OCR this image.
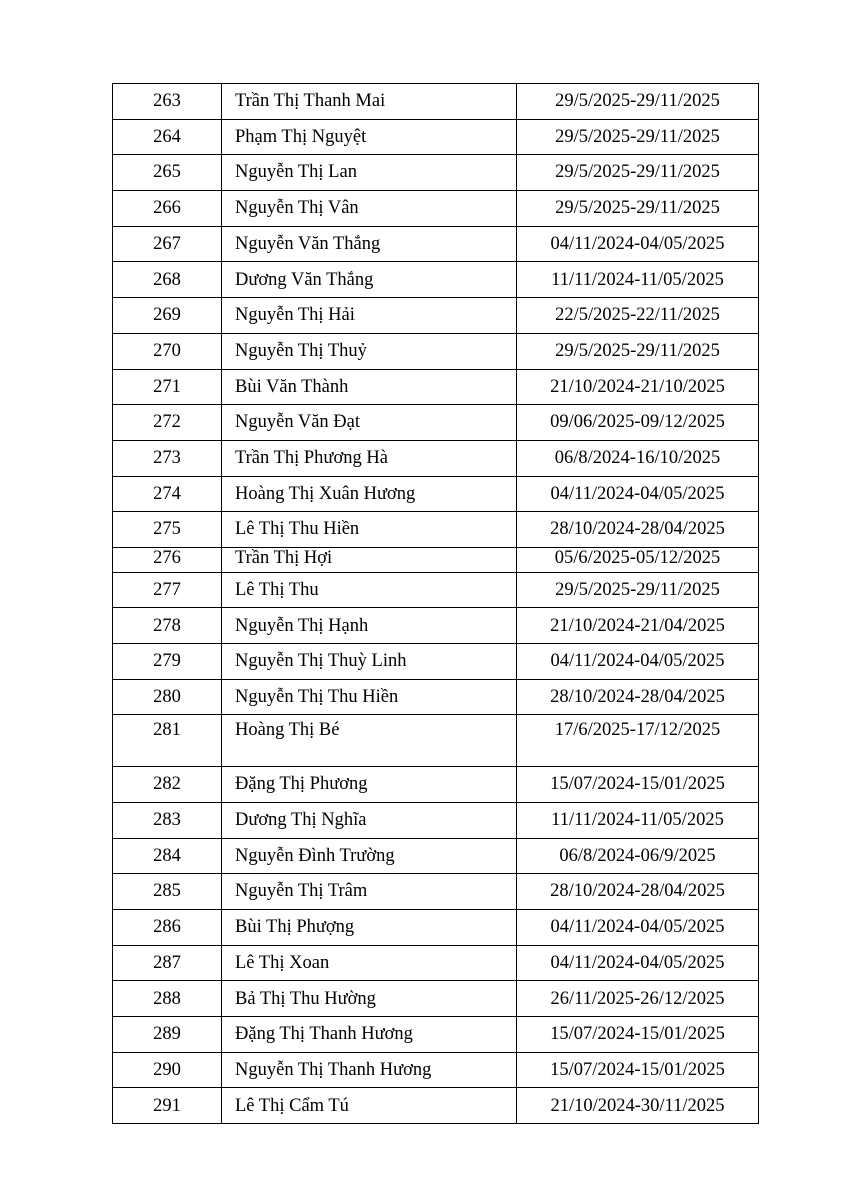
263	Trần Thị Thanh Mai	29/5/2025-29/11/2025
264	Phạm Thị Nguyệt	29/5/2025-29/11/2025
265	Nguyễn Thị Lan	29/5/2025-29/11/2025
266	Nguyễn Thị Vân	29/5/2025-29/11/2025
267	Nguyễn Văn Thắng	04/11/2024-04/05/2025
268	Dương Văn Thắng	11/11/2024-11/05/2025
269	Nguyễn Thị Hải	22/5/2025-22/11/2025
270	Nguyễn Thị Thuỷ	29/5/2025-29/11/2025
271	Bùi Văn Thành	21/10/2024-21/10/2025
272	Nguyễn Văn Đạt	09/06/2025-09/12/2025
273	Trần Thị Phương Hà	06/8/2024-16/10/2025
274	Hoàng Thị Xuân Hương	04/11/2024-04/05/2025
275	Lê Thị Thu Hiền	28/10/2024-28/04/2025
276	Trần Thị Hợi	05/6/2025-05/12/2025
277	Lê Thị Thu	29/5/2025-29/11/2025
278	Nguyễn Thị Hạnh	21/10/2024-21/04/2025
279	Nguyễn Thị Thuỳ Linh	04/11/2024-04/05/2025
280	Nguyễn Thị Thu Hiền	28/10/2024-28/04/2025
281	Hoàng Thị Bé	17/6/2025-17/12/2025
282	Đặng Thị Phương	15/07/2024-15/01/2025
283	Dương Thị Nghĩa	11/11/2024-11/05/2025
284	Nguyễn Đình Trường	06/8/2024-06/9/2025
285	Nguyễn Thị Trâm	28/10/2024-28/04/2025
286	Bùi Thị Phượng	04/11/2024-04/05/2025
287	Lê Thị Xoan	04/11/2024-04/05/2025
288	Bả Thị Thu Hường	26/11/2025-26/12/2025
289	Đặng Thị Thanh Hương	15/07/2024-15/01/2025
290	Nguyễn Thị Thanh Hương	15/07/2024-15/01/2025
291	Lê Thị Cẩm Tú	21/10/2024-30/11/2025
